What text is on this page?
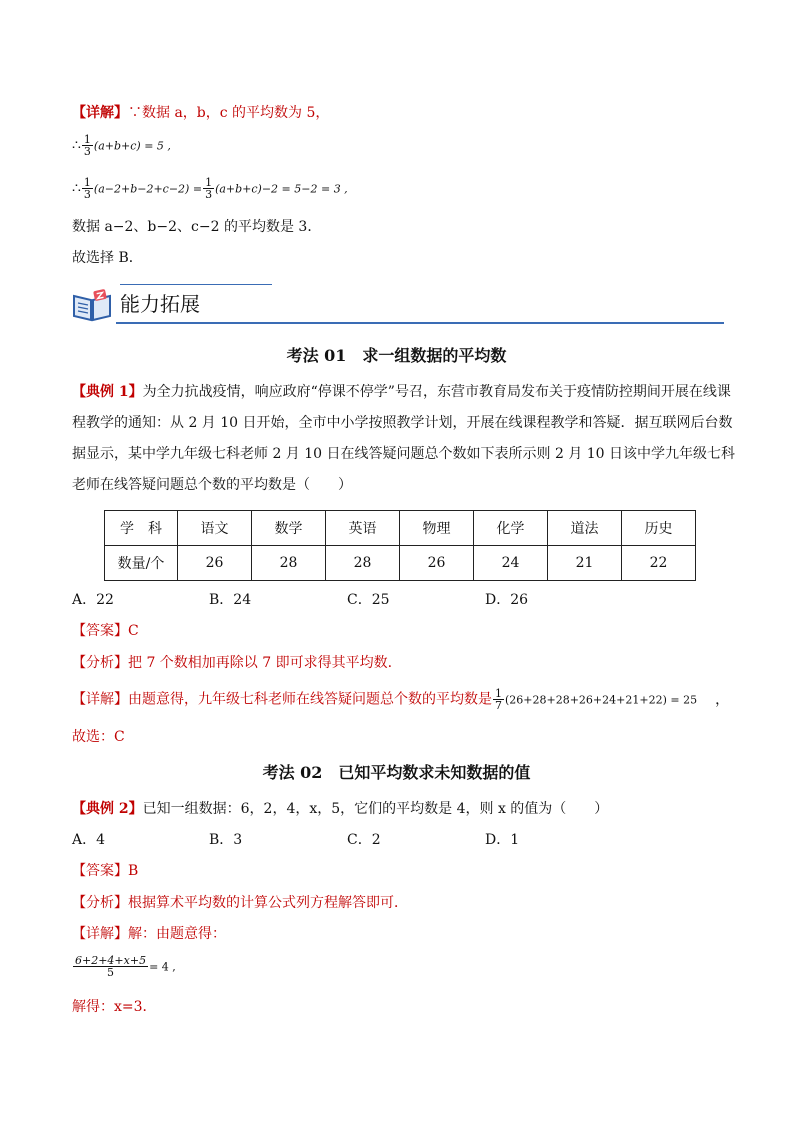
【详解】∵数据 a，b，c 的平均数为 5，
∴ $\frac{1}{3} (a+b+c) = 5$ ,
∴ $\frac{1}{3} (a-2+b-2+c-2) = \frac{1}{3} (a+b+c)-2 = 5-2 = 3$ ,
数据 a−2、b−2、c−2 的平均数是 3．
故选择 B．
能力拓展
考法 01　求一组数据的平均数
【典例 1】为全力抗战疫情，响应政府“停课不停学”号召，东营市教育局发布关于疫情防控期间开展在线课
程教学的通知：从 2 月 10 日开始，全市中小学按照教学计划，开展在线课程教学和答疑．据互联网后台数
据显示，某中学九年级七科老师 2 月 10 日在线答疑问题总个数如下表所示则 2 月 10 日该中学九年级七科
老师在线答疑问题总个数的平均数是（　　）
学　科	语文	数学	英语	物理	化学	道法	历史
数量/个	26	28	28	26	24	21	22
A．22	B．24	C．25	D．26
【答案】C
【分析】把 7 个数相加再除以 7 即可求得其平均数.
【详解】由题意得，九年级七科老师在线答疑问题总个数的平均数是 $\frac{1}{7} (26+28+28+26+24+21+22) = 25$ ，
故选：C
考法 02　已知平均数求未知数据的值
【典例 2】已知一组数据：6，2，4，x，5，它们的平均数是 4，则 x 的值为（　　）
A．4	B．3	C．2	D．1
【答案】B
【分析】根据算术平均数的计算公式列方程解答即可．
【详解】解：由题意得：
$\frac{6+2+4+x+5}{5} = 4$ ,
解得：x=3．
